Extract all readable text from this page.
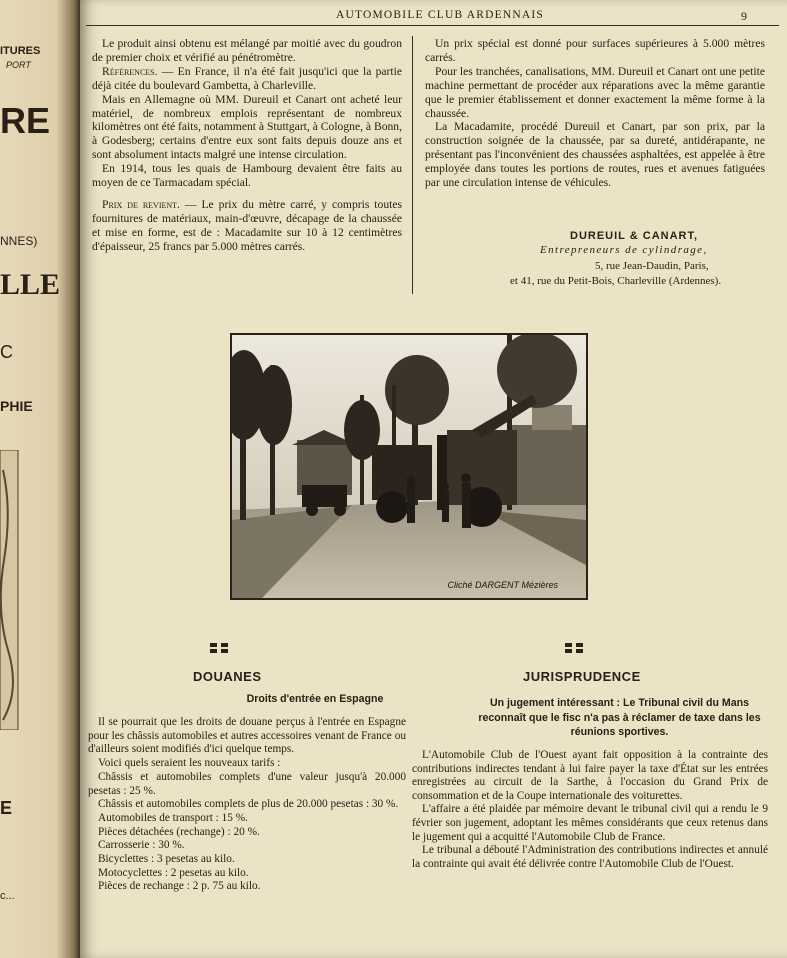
ITURES
PORT
RE
NNES)
LLE
C
PHIE
E
c...
AUTOMOBILE CLUB ARDENNAIS	9

Le produit ainsi obtenu est mélangé par moitié avec du goudron de premier choix et vérifié au pénétromètre.

Références. — En France, il n'a été fait jusqu'ici que la partie déjà citée du boulevard Gambetta, à Charleville.

Mais en Allemagne où MM. Dureuil et Canart ont acheté leur matériel, de nombreux emplois représentant de nombreux kilomètres ont été faits, notamment à Stuttgart, à Cologne, à Bonn, à Godesberg; certains d'entre eux sont faits depuis douze ans et sont absolument intacts malgré une intense circulation.

En 1914, tous les quais de Hambourg devaient être faits au moyen de ce Tarmacadam spécial.

Prix de revient. — Le prix du mètre carré, y compris toutes fournitures de matériaux, main-d'œuvre, décapage de la chaussée et mise en forme, est de : Macadamite sur 10 à 12 centimètres d'épaisseur, 25 francs par 5.000 mètres carrés.

Un prix spécial est donné pour surfaces supérieures à 5.000 mètres carrés.

Pour les tranchées, canalisations, MM. Dureuil et Canart ont une petite machine permettant de procéder aux réparations avec la même garantie que le premier établissement et donner exactement la même forme à la chaussée.

La Macadamite, procédé Dureuil et Canart, par son prix, par la construction soignée de la chaussée, par sa dureté, antidérapante, ne présentant pas l'inconvénient des chaussées asphaltées, est appelée à être employée dans toutes les portions de routes, rues et avenues fatiguées par une circulation intense de véhicules.

DUREUIL & CANART,
Entrepreneurs de cylindrage,
5, rue Jean-Daudin, Paris,
et 41, rue du Petit-Bois, Charleville (Ardennes).
Cliché DARGENT Mézières
DOUANES
Droits d'entrée en Espagne

Il se pourrait que les droits de douane perçus à l'entrée en Espagne pour les châssis automobiles et autres accessoires venant de France ou d'ailleurs soient modifiés d'ici quelque temps.

Voici quels seraient les nouveaux tarifs :

Châssis et automobiles complets d'une valeur jusqu'à 20.000 pesetas : 25 %.

Châssis et automobiles complets de plus de 20.000 pesetas : 30 %.

Automobiles de transport : 15 %.

Pièces détachées (rechange) : 20 %.

Carrosserie : 30 %.

Bicyclettes : 3 pesetas au kilo.

Motocyclettes : 2 pesetas au kilo.

Pièces de rechange : 2 p. 75 au kilo.

JURISPRUDENCE
Un jugement intéressant : Le Tribunal civil du Mans reconnaît que le fisc n'a pas à réclamer de taxe dans les réunions sportives.

L'Automobile Club de l'Ouest ayant fait opposition à la contrainte des contributions indirectes tendant à lui faire payer la taxe d'État sur les entrées enregistrées au circuit de la Sarthe, à l'occasion du Grand Prix de consommation et de la Coupe internationale des voiturettes.

L'affaire a été plaidée par mémoire devant le tribunal civil qui a rendu le 9 février son jugement, adoptant les mêmes considérants que ceux retenus dans le jugement qui a acquitté l'Automobile Club de France.

Le tribunal a débouté l'Administration des contributions indirectes et annulé la contrainte qui avait été délivrée contre l'Automobile Club de l'Ouest.
